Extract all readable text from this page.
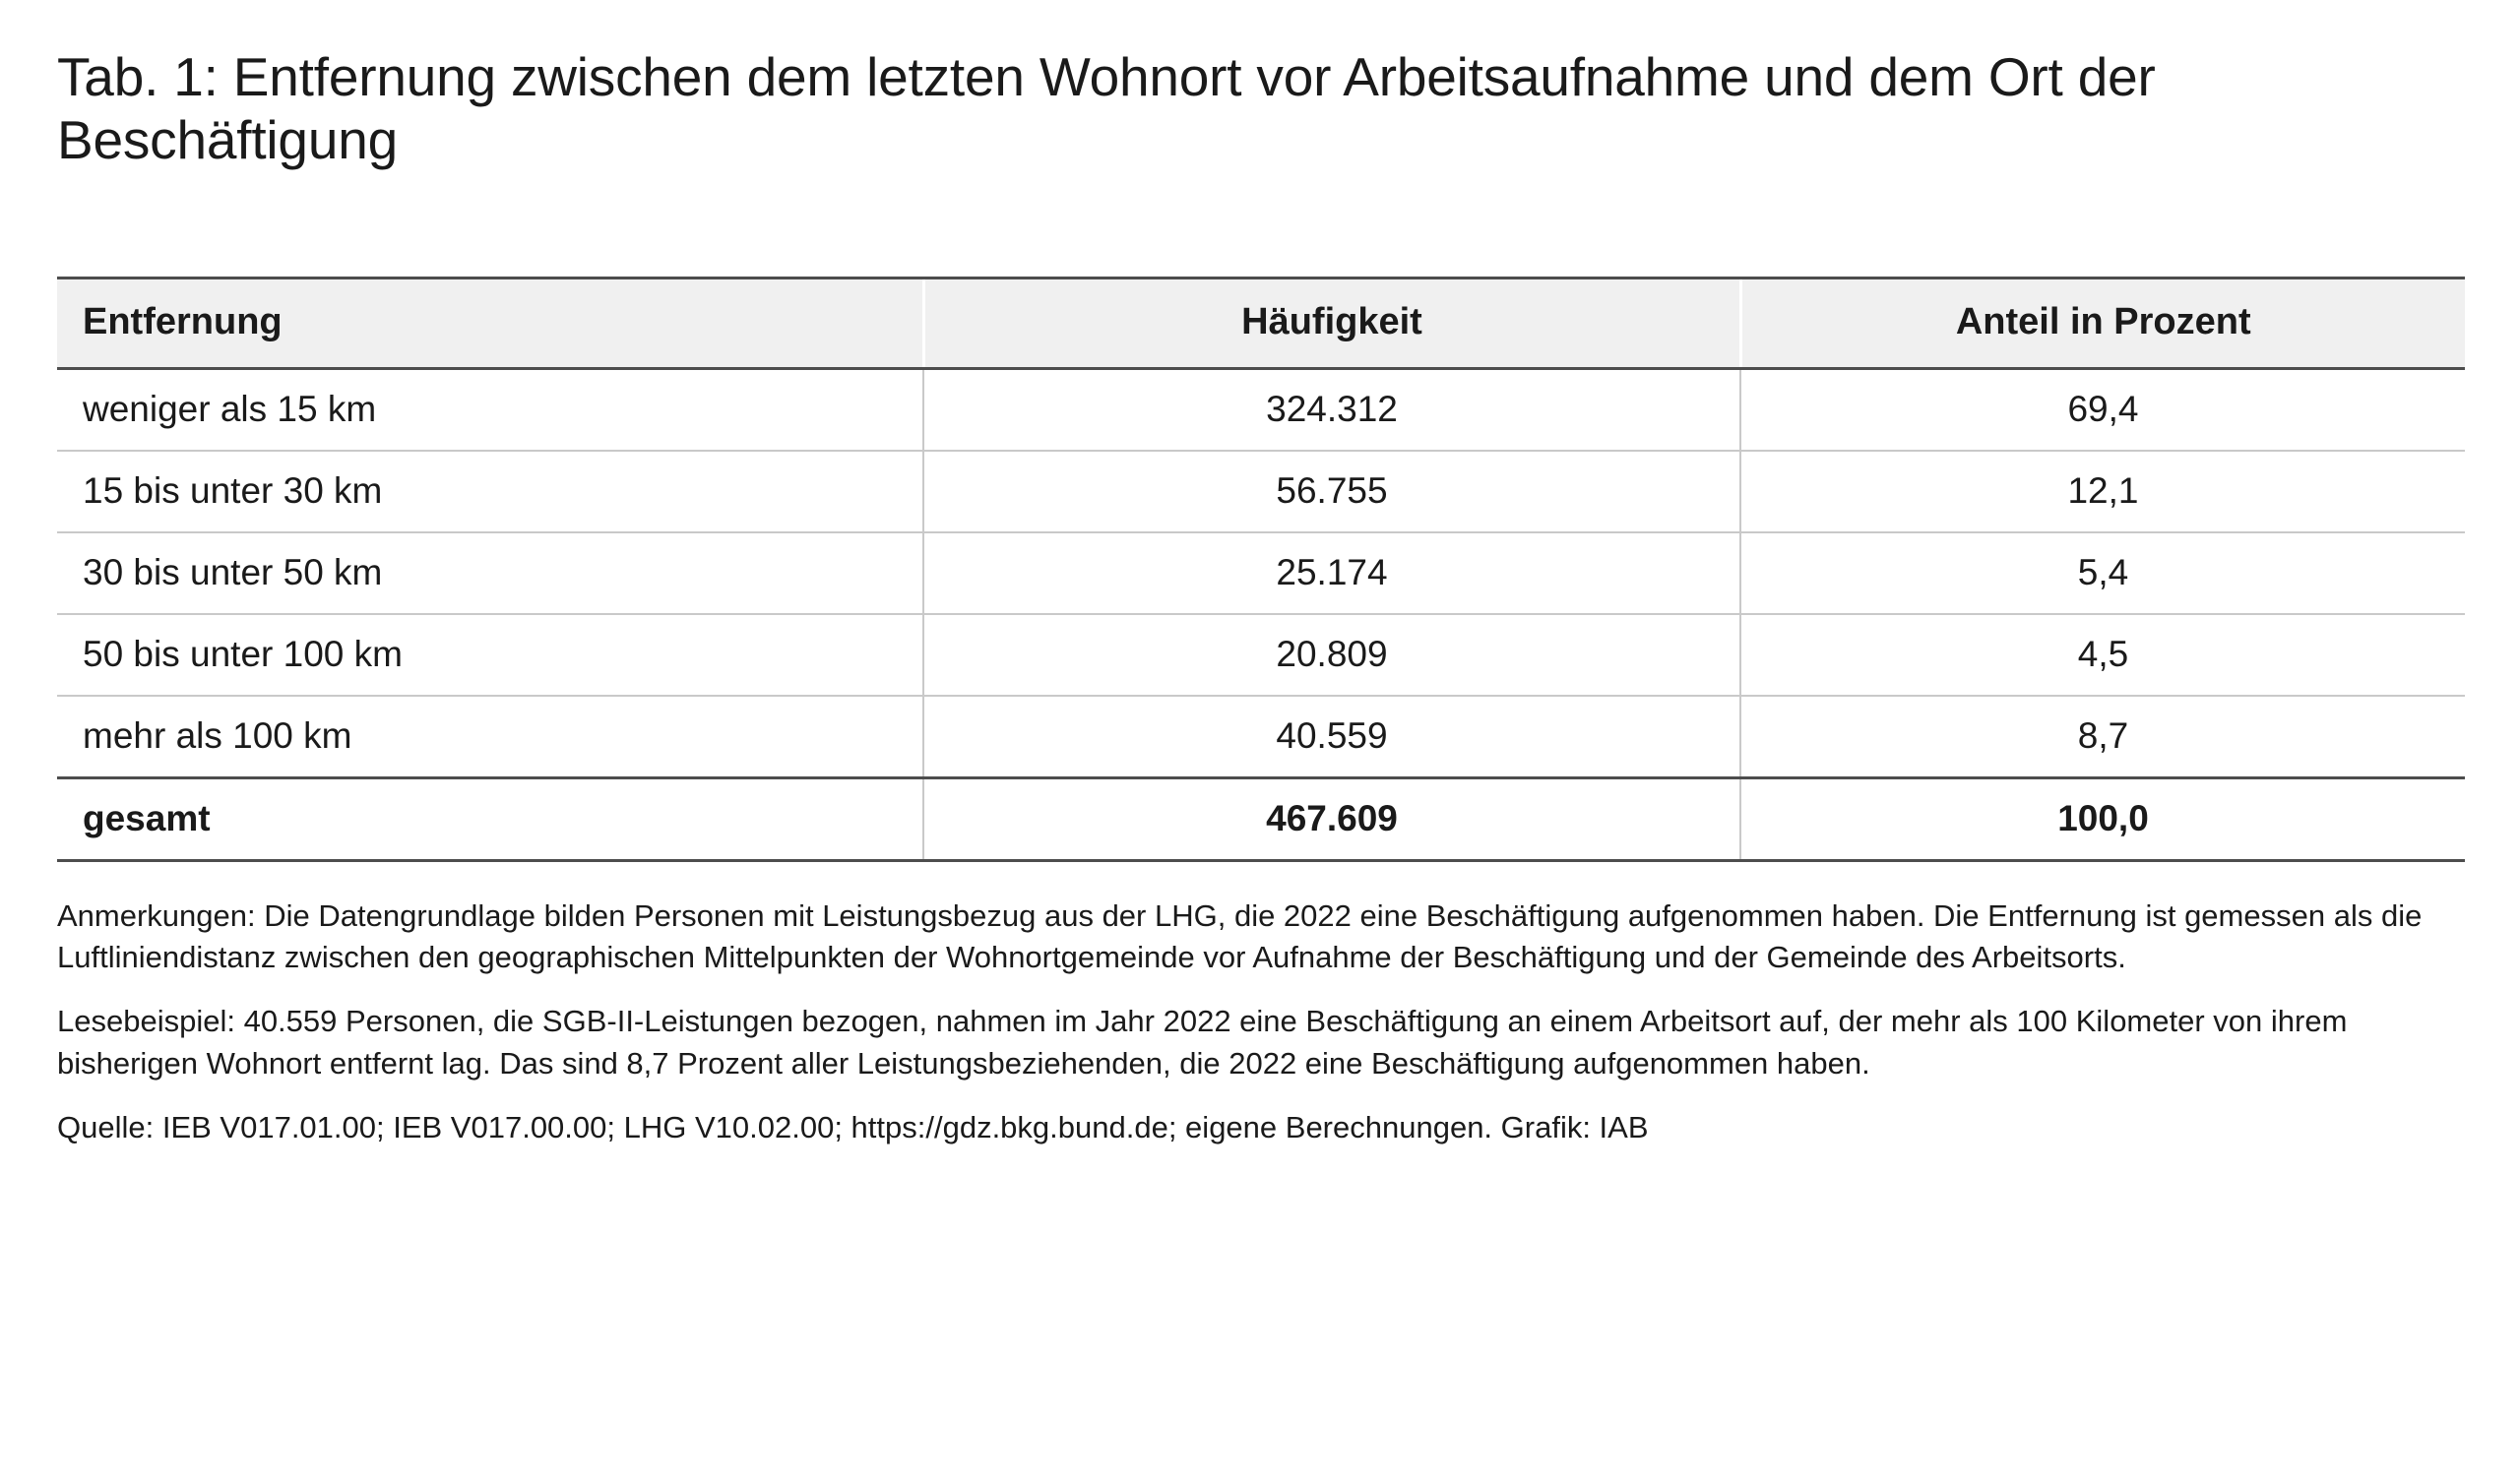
Tab. 1: Entfernung zwischen dem letzten Wohnort vor Arbeitsaufnahme und dem Ort der Beschäftigung
Entfernung	Häufigkeit	Anteil in Prozent
weniger als 15 km	324.312	69,4
15 bis unter 30 km	56.755	12,1
30 bis unter 50 km	25.174	5,4
50 bis unter 100 km	20.809	4,5
mehr als 100 km	40.559	8,7
gesamt	467.609	100,0

Anmerkungen: Die Datengrundlage bilden Personen mit Leistungsbezug aus der LHG, die 2022 eine Beschäftigung aufgenommen haben. Die Entfernung ist gemessen als die Luftliniendistanz zwischen den geographischen Mittelpunkten der Wohnortgemeinde vor Aufnahme der Beschäftigung und der Gemeinde des Arbeitsorts.

Lesebeispiel: 40.559 Personen, die SGB-II-Leistungen bezogen, nahmen im Jahr 2022 eine Beschäftigung an einem Arbeitsort auf, der mehr als 100 Kilometer von ihrem bisherigen Wohnort entfernt lag. Das sind 8,7 Prozent aller Leistungsbeziehenden, die 2022 eine Beschäftigung aufgenommen haben.

Quelle: IEB V017.01.00; IEB V017.00.00; LHG V10.02.00; https://gdz.bkg.bund.de; eigene Berechnungen. Grafik: IAB
